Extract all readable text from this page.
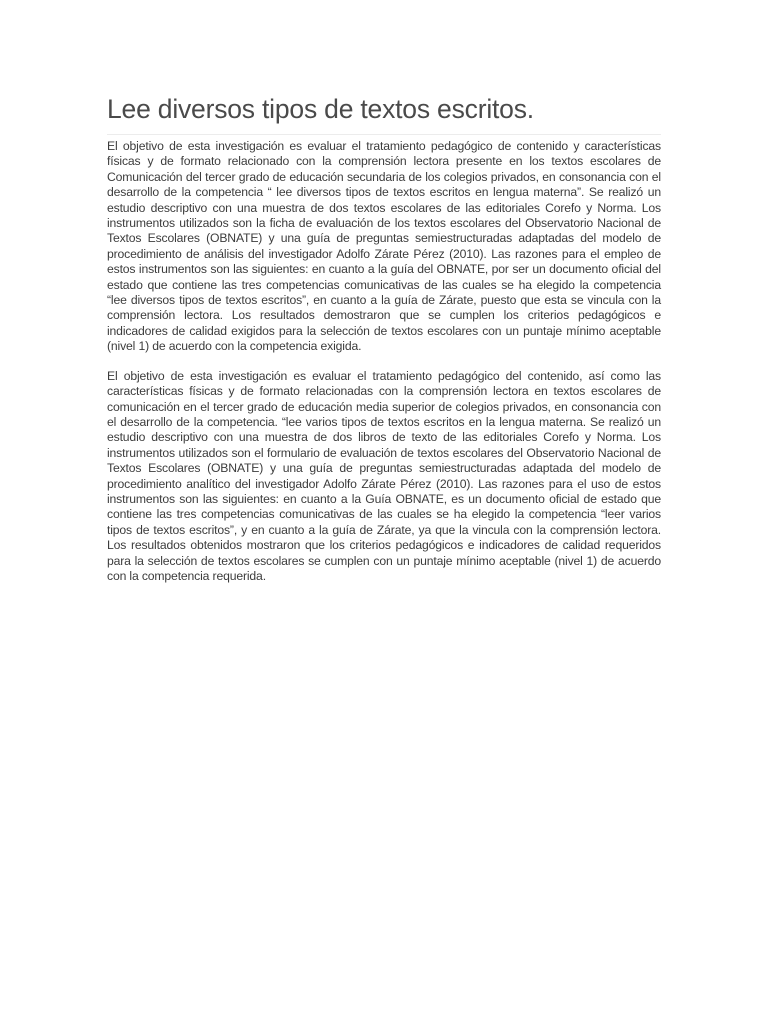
Lee diversos tipos de textos escritos.

El objetivo de esta investigación es evaluar el tratamiento pedagógico de contenido y características físicas y de formato relacionado con la comprensión lectora presente en los textos escolares de Comunicación del tercer grado de educación secundaria de los colegios privados, en consonancia con el desarrollo de la competencia “ lee diversos tipos de textos escritos en lengua materna”. Se realizó un estudio descriptivo con una muestra de dos textos escolares de las editoriales Corefo y Norma. Los instrumentos utilizados son la ficha de evaluación de los textos escolares del Observatorio Nacional de Textos Escolares (OBNATE) y una guía de preguntas semiestructuradas adaptadas del modelo de procedimiento de análisis del investigador Adolfo Zárate Pérez (2010). Las razones para el empleo de estos instrumentos son las siguientes: en cuanto a la guía del OBNATE, por ser un documento oficial del estado que contiene las tres competencias comunicativas de las cuales se ha elegido la competencia “lee diversos tipos de textos escritos”, en cuanto a la guía de Zárate, puesto que esta se vincula con la comprensión lectora. Los resultados demostraron que se cumplen los criterios pedagógicos e indicadores de calidad exigidos para la selección de textos escolares con un puntaje mínimo aceptable (nivel 1) de acuerdo con la competencia exigida.

El objetivo de esta investigación es evaluar el tratamiento pedagógico del contenido, así como las características físicas y de formato relacionadas con la comprensión lectora en textos escolares de comunicación en el tercer grado de educación media superior de colegios privados, en consonancia con el desarrollo de la competencia. “lee varios tipos de textos escritos en la lengua materna. Se realizó un estudio descriptivo con una muestra de dos libros de texto de las editoriales Corefo y Norma. Los instrumentos utilizados son el formulario de evaluación de textos escolares del Observatorio Nacional de Textos Escolares (OBNATE) y una guía de preguntas semiestructuradas adaptada del modelo de procedimiento analítico del investigador Adolfo Zárate Pérez (2010). Las razones para el uso de estos instrumentos son las siguientes: en cuanto a la Guía OBNATE, es un documento oficial de estado que contiene las tres competencias comunicativas de las cuales se ha elegido la competencia “leer varios tipos de textos escritos”, y en cuanto a la guía de Zárate, ya que la vincula con la comprensión lectora. Los resultados obtenidos mostraron que los criterios pedagógicos e indicadores de calidad requeridos para la selección de textos escolares se cumplen con un puntaje mínimo aceptable (nivel 1) de acuerdo con la competencia requerida.
